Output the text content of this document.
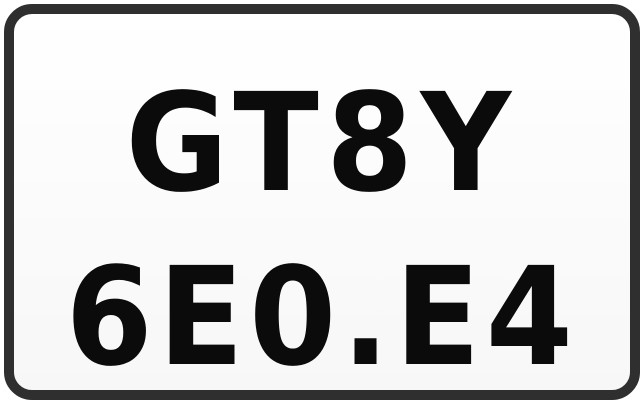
GT8Y
6E0.E4
